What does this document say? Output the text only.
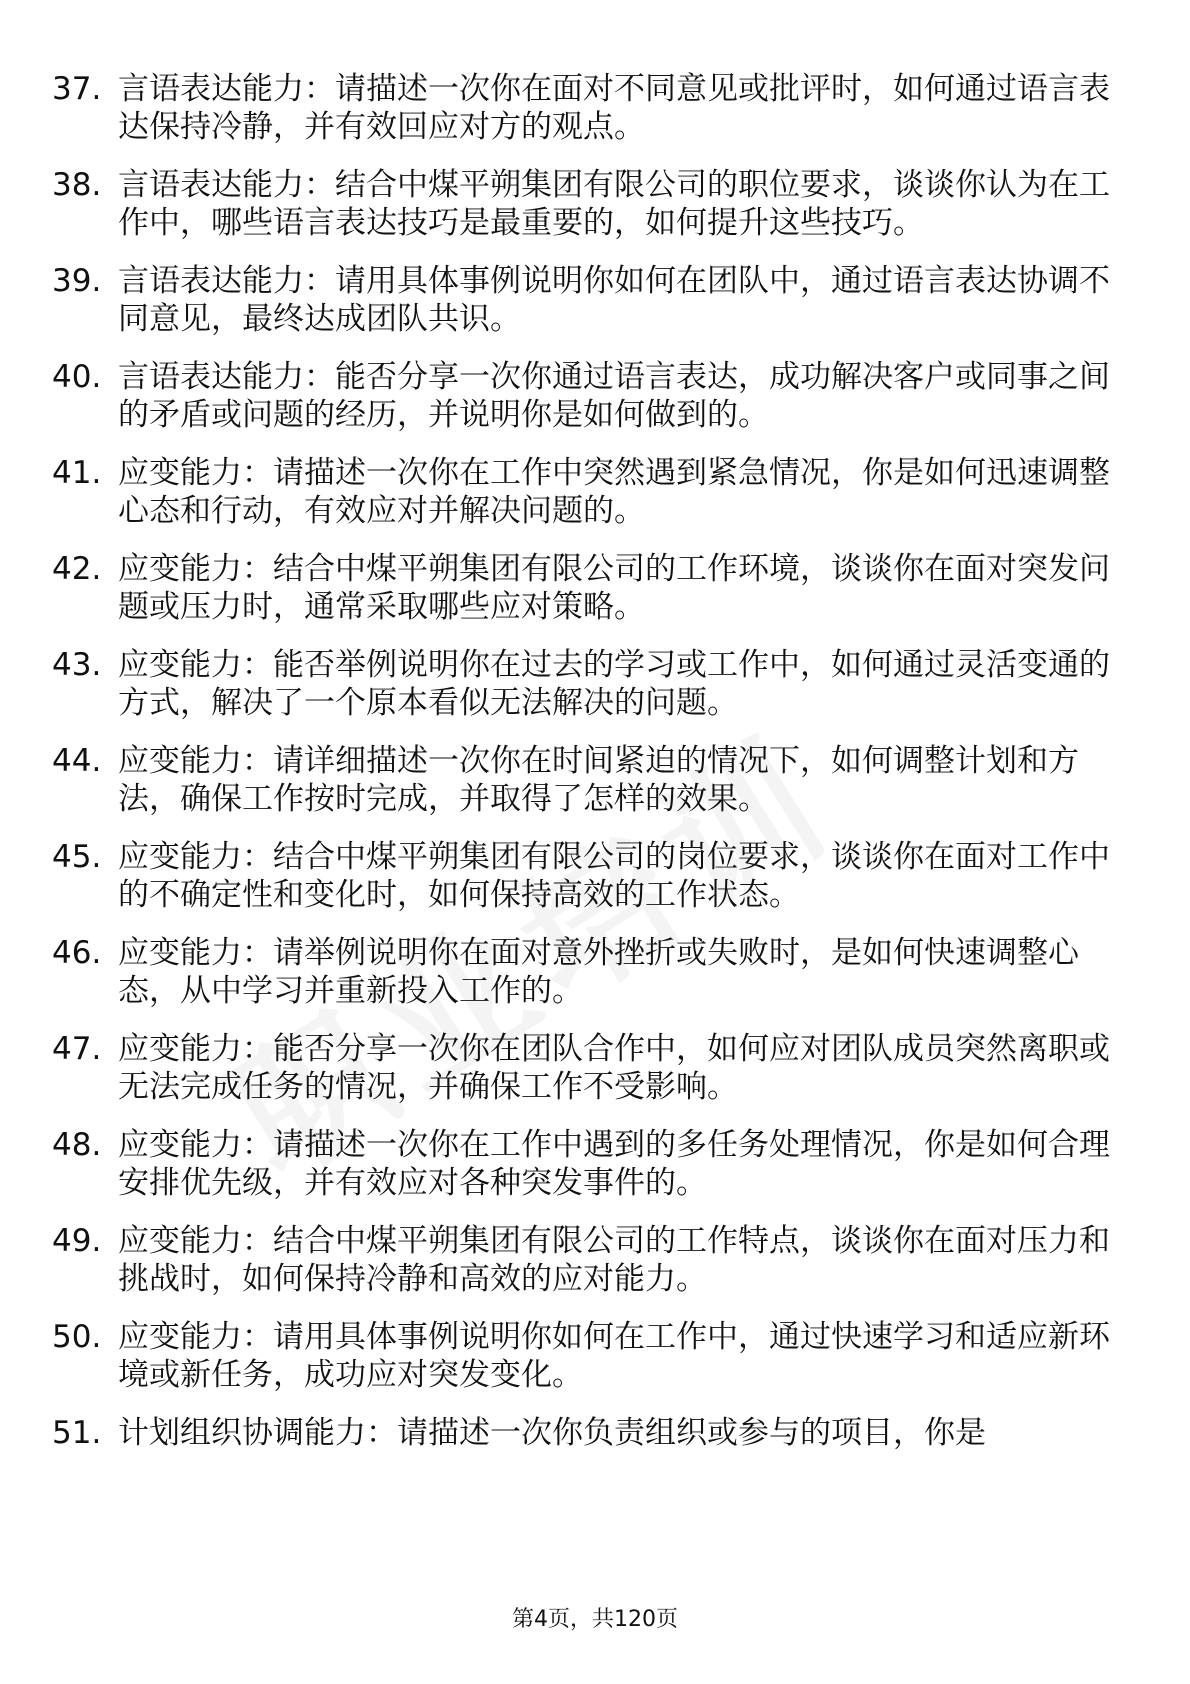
37. 言语表达能力：请描述一次你在面对不同意见或批评时，如何通过语言表达保持冷静，并有效回应对方的观点。
38. 言语表达能力：结合中煤平朔集团有限公司的职位要求，谈谈你认为在工作中，哪些语言表达技巧是最重要的，如何提升这些技巧。
39. 言语表达能力：请用具体事例说明你如何在团队中，通过语言表达协调不同意见，最终达成团队共识。
40. 言语表达能力：能否分享一次你通过语言表达，成功解决客户或同事之间的矛盾或问题的经历，并说明你是如何做到的。
41. 应变能力：请描述一次你在工作中突然遇到紧急情况，你是如何迅速调整心态和行动，有效应对并解决问题的。
42. 应变能力：结合中煤平朔集团有限公司的工作环境，谈谈你在面对突发问题或压力时，通常采取哪些应对策略。
43. 应变能力：能否举例说明你在过去的学习或工作中，如何通过灵活变通的方式，解决了一个原本看似无法解决的问题。
44. 应变能力：请详细描述一次你在时间紧迫的情况下，如何调整计划和方法，确保工作按时完成，并取得了怎样的效果。
45. 应变能力：结合中煤平朔集团有限公司的岗位要求，谈谈你在面对工作中的不确定性和变化时，如何保持高效的工作状态。
46. 应变能力：请举例说明你在面对意外挫折或失败时，是如何快速调整心态，从中学习并重新投入工作的。
47. 应变能力：能否分享一次你在团队合作中，如何应对团队成员突然离职或无法完成任务的情况，并确保工作不受影响。
48. 应变能力：请描述一次你在工作中遇到的多任务处理情况，你是如何合理安排优先级，并有效应对各种突发事件的。
49. 应变能力：结合中煤平朔集团有限公司的工作特点，谈谈你在面对压力和挑战时，如何保持冷静和高效的应对能力。
50. 应变能力：请用具体事例说明你如何在工作中，通过快速学习和适应新环境或新任务，成功应对突发变化。
51. 计划组织协调能力：请描述一次你负责组织或参与的项目，你是
第4页，共120页
